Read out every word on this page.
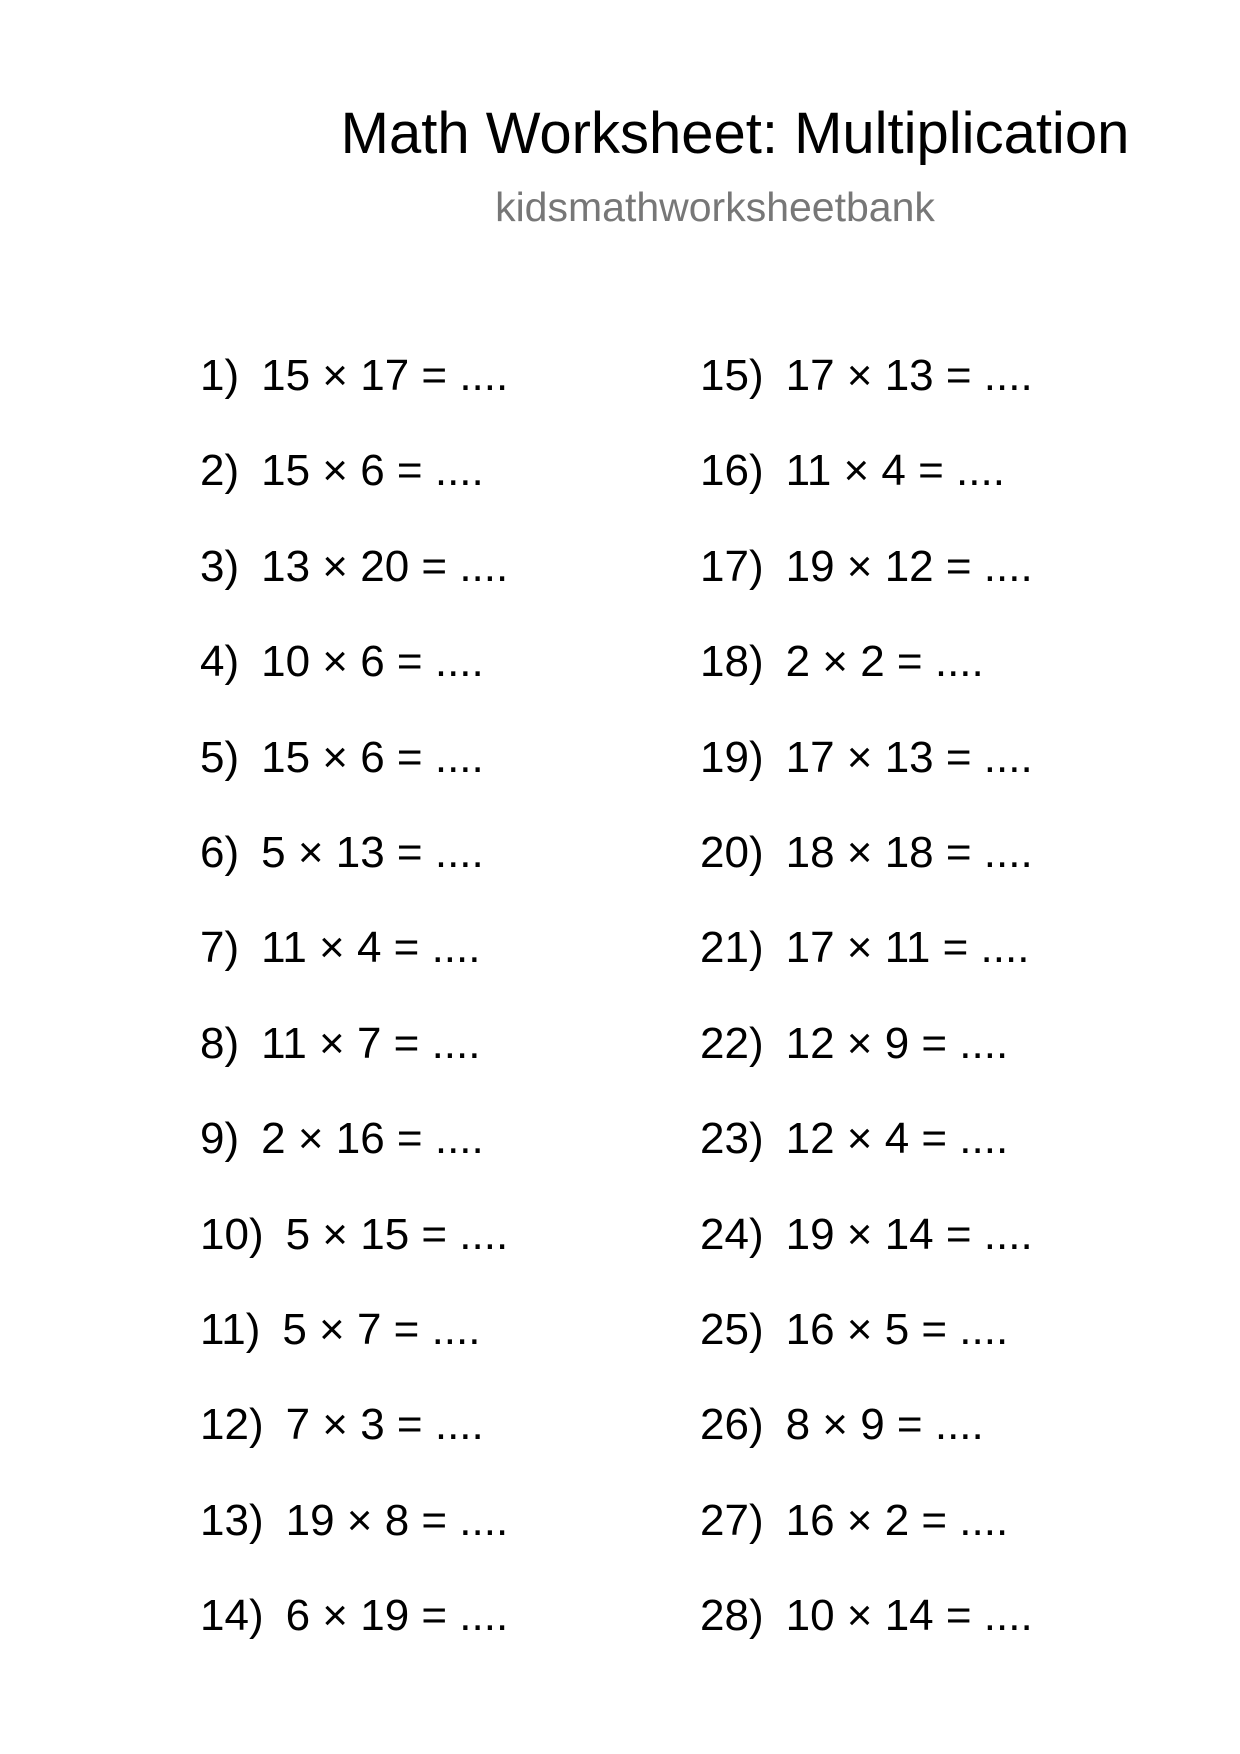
Math Worksheet: Multiplication
kidsmathworksheetbank
1 ) 15 × 17 = ....
2 ) 15 × 6 = ....
3 ) 13 × 20 = ....
4 ) 10 × 6 = ....
5 ) 15 × 6 = ....
6 ) 5 × 13 = ....
7 ) 11 × 4 = ....
8 ) 11 × 7 = ....
9 ) 2 × 16 = ....
10 ) 5 × 15 = ....
11 ) 5 × 7 = ....
12 ) 7 × 3 = ....
13 ) 19 × 8 = ....
14 ) 6 × 19 = ....
15 ) 17 × 13 = ....
16 ) 11 × 4 = ....
17 ) 19 × 12 = ....
18 ) 2 × 2 = ....
19 ) 17 × 13 = ....
20 ) 18 × 18 = ....
21 ) 17 × 11 = ....
22 ) 12 × 9 = ....
23 ) 12 × 4 = ....
24 ) 19 × 14 = ....
25 ) 16 × 5 = ....
26 ) 8 × 9 = ....
27 ) 16 × 2 = ....
28 ) 10 × 14 = ....
